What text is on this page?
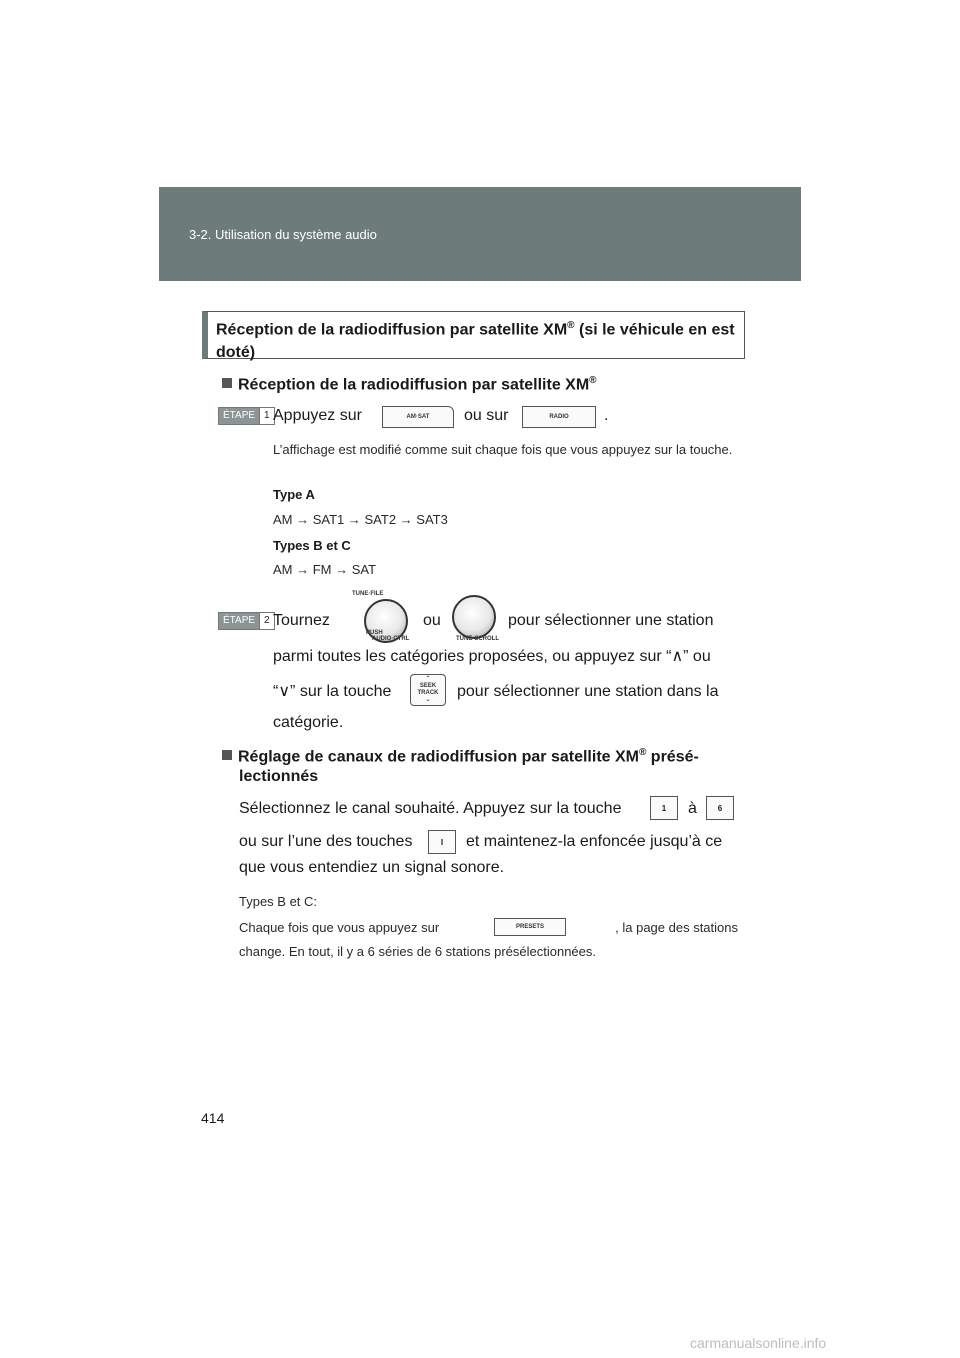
3-2. Utilisation du système audio
Réception de la radiodiffusion par satellite XM® (si le véhicule en est doté)
Réception de la radiodiffusion par satellite XM®
ÉTAPE 1 Appuyez sur	AM·SAT	ou sur	RADIO	.
L’affichage est modifié comme suit chaque fois que vous appuyez sur la touche.
Type A
AM → SAT1 → SAT2 → SAT3
Types B et C
AM → FM → SAT
ÉTAPE 2 Tournez
TUNE·FILE
PUSH
AUDIO·CTRL
ou
TUNE·SCROLL
pour sélectionner une station
parmi toutes les catégories proposées, ou appuyez sur “∧” ou
“∨” sur la touche
⌃
SEEK
TRACK
⌄ pour sélectionner une station dans la
catégorie.
Réglage de canaux de radiodiffusion par satellite XM® présé-
lectionnés
Sélectionnez le canal souhaité. Appuyez sur la touche	1	à	6
ou sur l’une des touches	I	et maintenez-la enfoncée jusqu’à ce
que vous entendiez un signal sonore.
Types B et C:
Chaque fois que vous appuyez sur	PRESETS	, la page des stations
change. En tout, il y a 6 séries de 6 stations présélectionnées.
414
carmanualsonline.info
